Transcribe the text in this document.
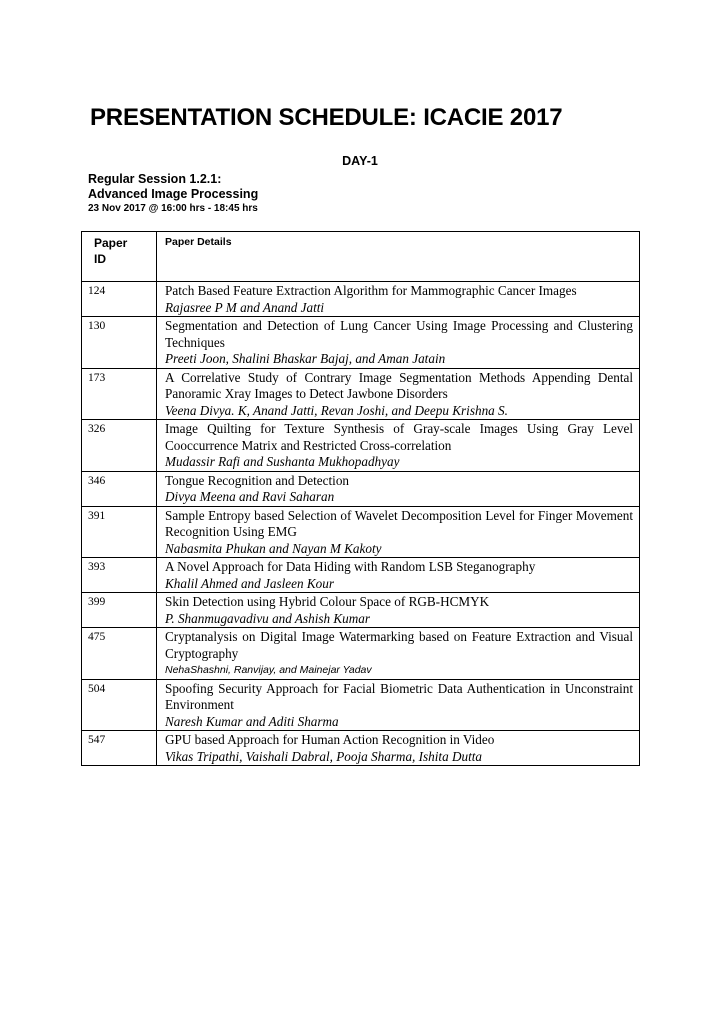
PRESENTATION SCHEDULE: ICACIE 2017
DAY-1
Regular Session 1.2.1:
Advanced Image Processing
23 Nov 2017 @ 16:00 hrs - 18:45 hrs
Paper
ID	Paper Details
124	Patch Based Feature Extraction Algorithm for Mammographic Cancer Images
Rajasree P M and Anand Jatti

130	Segmentation and Detection of Lung Cancer Using Image Processing and Clustering Techniques
Preeti Joon, Shalini Bhaskar Bajaj, and Aman Jatain

173	A Correlative Study of Contrary Image Segmentation Methods Appending Dental Panoramic Xray Images to Detect Jawbone Disorders
Veena Divya. K, Anand Jatti, Revan Joshi, and Deepu Krishna S.

326	Image Quilting for Texture Synthesis of Gray-scale Images Using Gray Level Cooccurrence Matrix and Restricted Cross-correlation
Mudassir Rafi and Sushanta Mukhopadhyay

346	Tongue Recognition and Detection
Divya Meena and Ravi Saharan

391	Sample Entropy based Selection of Wavelet Decomposition Level for Finger Movement Recognition Using EMG
Nabasmita Phukan and Nayan M Kakoty

393	A Novel Approach for Data Hiding with Random LSB Steganography
Khalil Ahmed and Jasleen Kour

399	Skin Detection using Hybrid Colour Space of RGB-HCMYK
P. Shanmugavadivu and Ashish Kumar

475	Cryptanalysis on Digital Image Watermarking based on Feature Extraction and Visual Cryptography
NehaShashni, Ranvijay, and Mainejar Yadav

504	Spoofing Security Approach for Facial Biometric Data Authentication in Unconstraint Environment
Naresh Kumar and Aditi Sharma

547	GPU based Approach for Human Action Recognition in Video
Vikas Tripathi, Vaishali Dabral, Pooja Sharma, Ishita Dutta
